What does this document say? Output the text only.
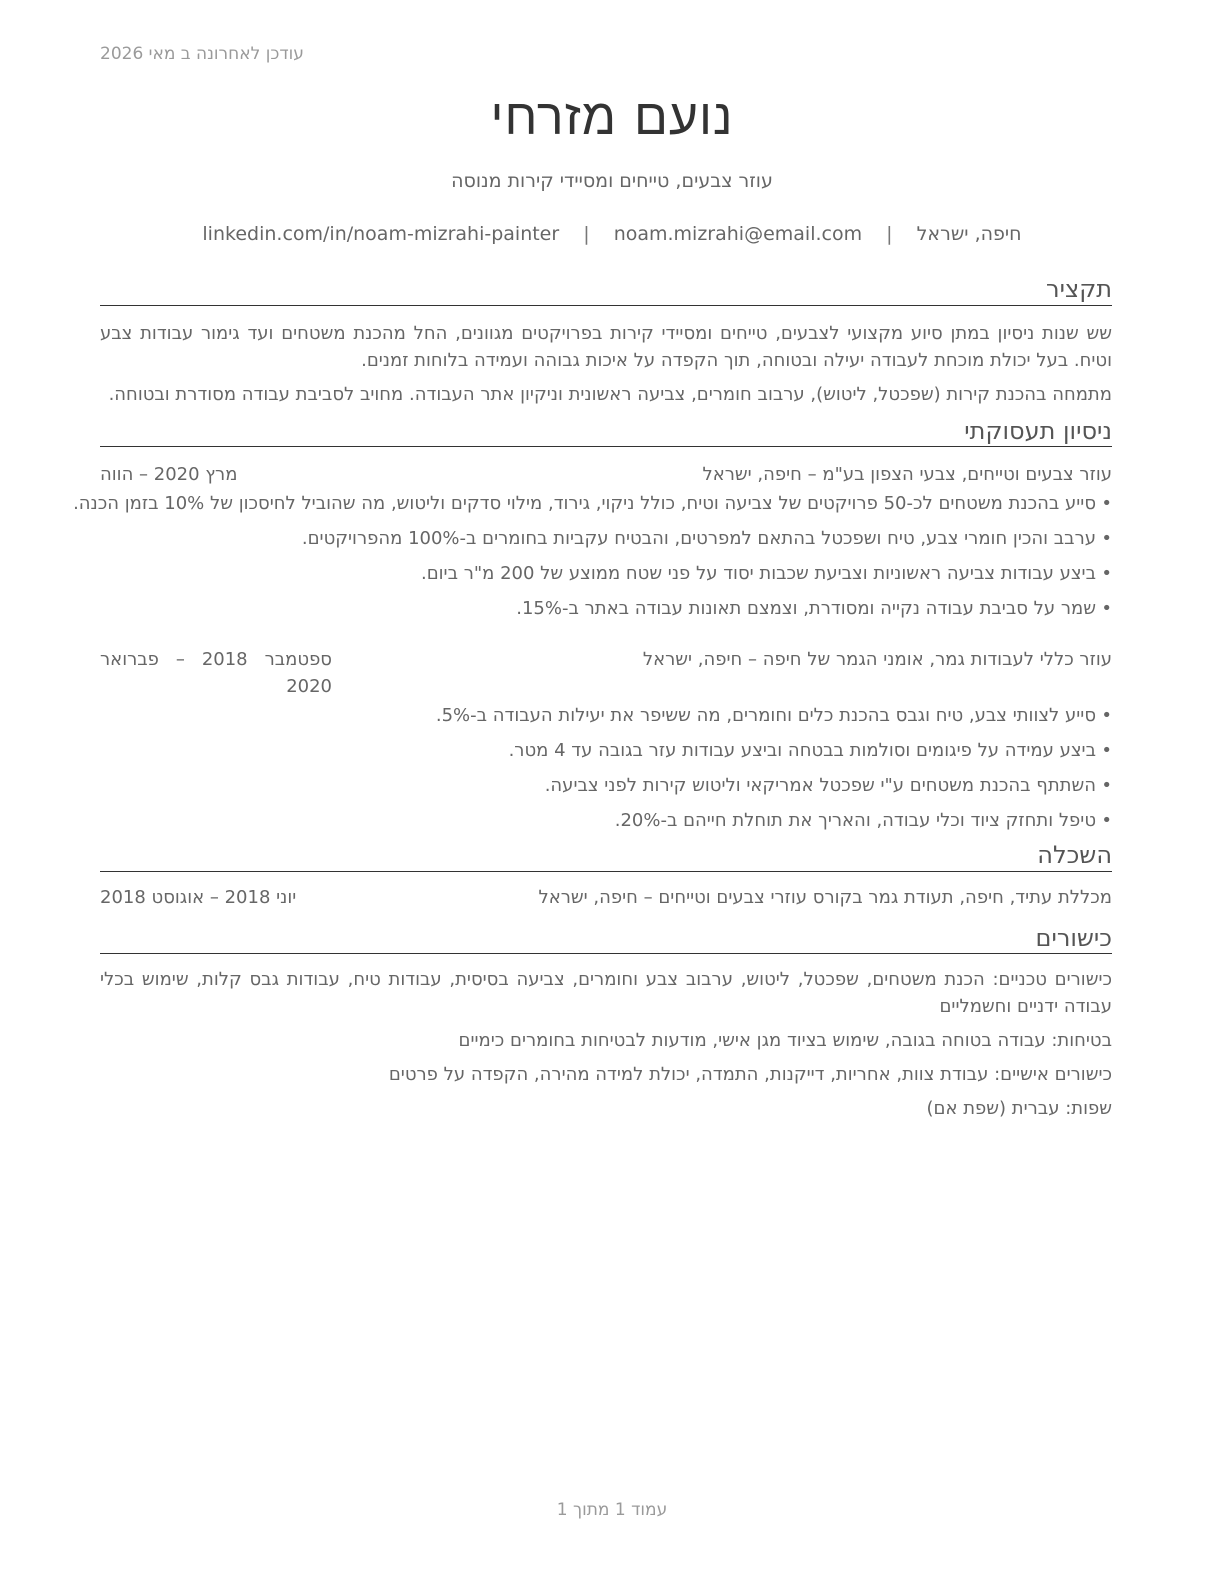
עודכן לאחרונה ב מאי 2026
נועם מזרחי
עוזר צבעים, טייחים ומסיידי קירות מנוסה
חיפה, ישראל | noam.mizrahi@email.com | linkedin.com/in/noam-mizrahi-painter
תקציר

שש שנות ניסיון במתן סיוע מקצועי לצבעים, טייחים ומסיידי קירות בפרויקטים מגוונים, החל מהכנת משטחים ועד גימור עבודות צבע וטיח. בעל יכולת מוכחת לעבודה יעילה ובטוחה, תוך הקפדה על איכות גבוהה ועמידה בלוחות זמנים.

מתמחה בהכנת קירות (שפכטל, ליטוש), ערבוב חומרים, צביעה ראשונית וניקיון אתר העבודה. מחויב לסביבת עבודה מסודרת ובטוחה.

ניסיון תעסוקתי
עוזר צבעים וטייחים, צבעי הצפון בע"מ – חיפה, ישראל
מרץ 2020 – הווה
• סייע בהכנת משטחים לכ-50 פרויקטים של צביעה וטיח, כולל ניקוי, גירוד, מילוי סדקים וליטוש, מה שהוביל לחיסכון של 10% בזמן הכנה.
• ערבב והכין חומרי צבע, טיח ושפכטל בהתאם למפרטים, והבטיח עקביות בחומרים ב-100% מהפרויקטים.
• ביצע עבודות צביעה ראשוניות וצביעת שכבות יסוד על פני שטח ממוצע של 200 מ"ר ביום.
• שמר על סביבת עבודה נקייה ומסודרת, וצמצם תאונות עבודה באתר ב-15%.
עוזר כללי לעבודות גמר, אומני הגמר של חיפה – חיפה, ישראל
ספטמבר 2018 – פברואר 2020
• סייע לצוותי צבע, טיח וגבס בהכנת כלים וחומרים, מה ששיפר את יעילות העבודה ב-5%.
• ביצע עמידה על פיגומים וסולמות בבטחה וביצע עבודות עזר בגובה עד 4 מטר.
• השתתף בהכנת משטחים ע"י שפכטל אמריקאי וליטוש קירות לפני צביעה.
• טיפל ותחזק ציוד וכלי עבודה, והאריך את תוחלת חייהם ב-20%.
השכלה
מכללת עתיד, חיפה, תעודת גמר בקורס עוזרי צבעים וטייחים – חיפה, ישראל
יוני 2018 – אוגוסט 2018
כישורים
כישורים טכניים: הכנת משטחים, שפכטל, ליטוש, ערבוב צבע וחומרים, צביעה בסיסית, עבודות טיח, עבודות גבס קלות, שימוש בכלי עבודה ידניים וחשמליים
בטיחות: עבודה בטוחה בגובה, שימוש בציוד מגן אישי, מודעות לבטיחות בחומרים כימיים
כישורים אישיים: עבודת צוות, אחריות, דייקנות, התמדה, יכולת למידה מהירה, הקפדה על פרטים
שפות: עברית (שפת אם)
עמוד 1 מתוך 1
